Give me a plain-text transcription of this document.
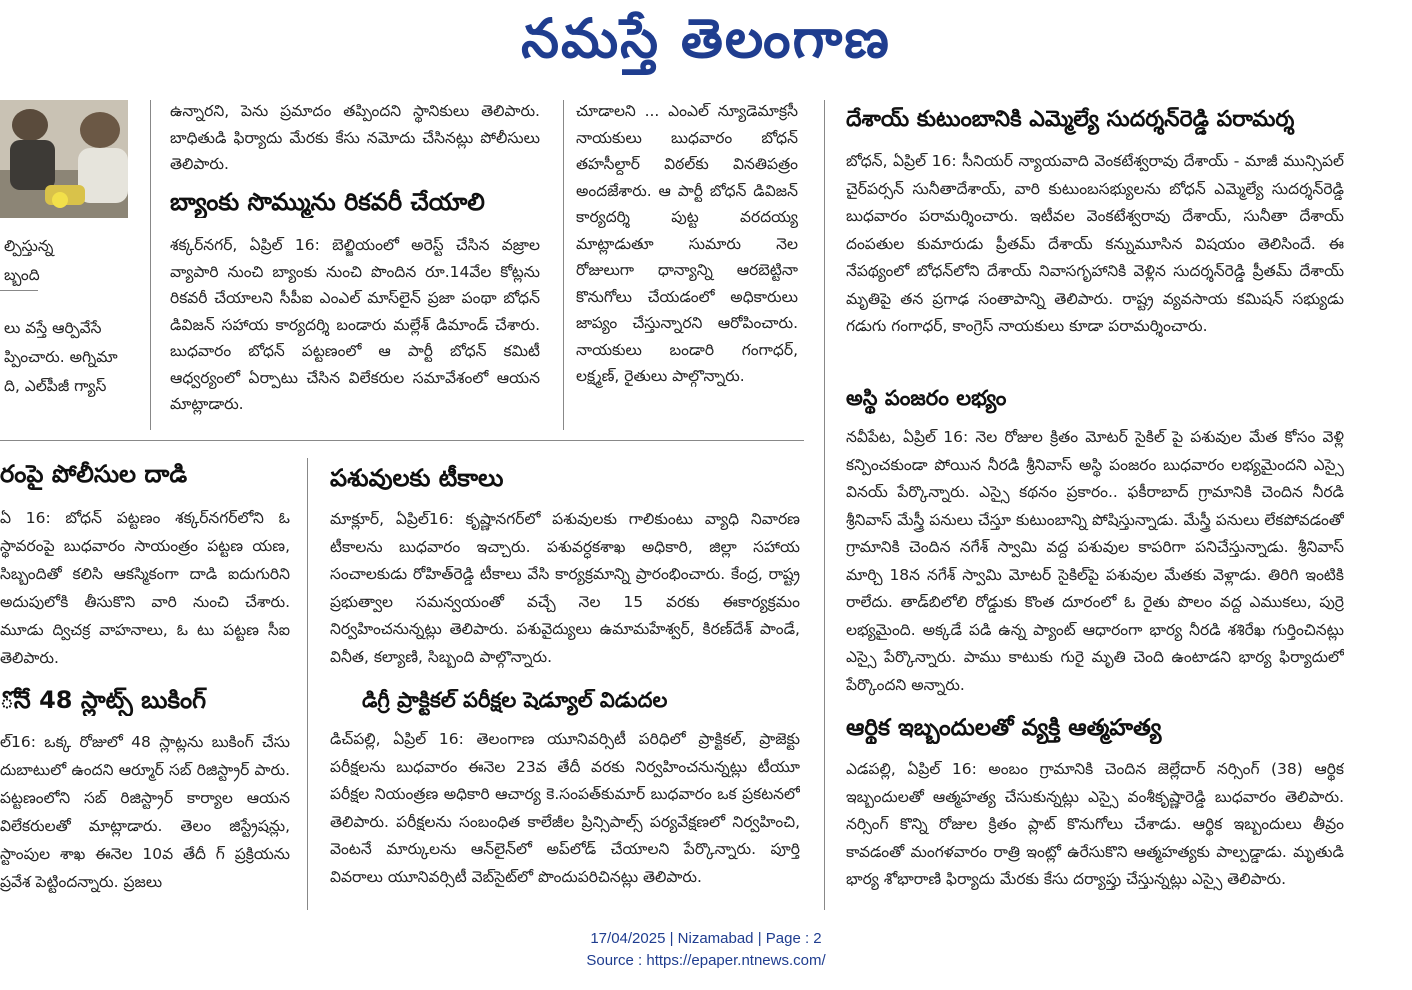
నమస్తే తెలంగాణ
ల్పిస్తున్న
బ్బంది
లు వస్తే ఆర్పివేసే
ప్పించారు. అగ్నిమా
ది, ఎల్‌పీజీ గ్యాస్
ఉన్నారని, పెను ప్రమాదం తప్పిందని స్థానికులు తెలిపారు. బాధితుడి ఫిర్యాదు మేరకు కేసు నమోదు చేసినట్లు పోలీసులు తెలిపారు.
బ్యాంకు సొమ్మును రికవరీ చేయాలి
శక్కర్‌నగర్, ఏప్రిల్‌ 16: బెల్జియంలో అరెస్ట్‌ చేసిన వజ్రాల వ్యాపారి నుంచి బ్యాంకు నుంచి పొందిన రూ.14వేల కోట్లను రికవరీ చేయాలని సీపీఐ ఎంఎల్‌ మాస్‌లైన్‌ ప్రజా పంథా బోధన్‌ డివిజన్‌ సహాయ కార్యదర్శి బండారు మల్లేశ్‌ డిమాండ్‌ చేశారు. బుధవారం బోధన్‌ పట్టణంలో ఆ పార్టీ బోధన్‌ కమిటీ ఆధ్వర్యంలో ఏర్పాటు చేసిన విలేకరుల సమావేశంలో ఆయన మాట్లాడారు.
చూడాలని ... ఎంఎల్‌ న్యూడెమాక్రసీ నాయకులు బుధవారం బోధన్‌ తహసీల్దార్‌ విఠల్‌కు వినతిపత్రం అందజేశారు. ఆ పార్టీ బోధన్‌ డివిజన్‌ కార్యదర్శి పుట్ట వరదయ్య మాట్లాడుతూ సుమారు నెల రోజులుగా ధాన్యాన్ని ఆరబెట్టినా కొనుగోలు చేయడంలో అధికారులు జాప్యం చేస్తున్నారని ఆరోపించారు. నాయకులు బండారి గంగాధర్, లక్ష్మణ్, రైతులు పాల్గొన్నారు.
దేశాయ్‌ కుటుంబానికి ఎమ్మెల్యే సుదర్శన్‌రెడ్డి పరామర్శ
బోధన్, ఏప్రిల్‌ 16: సీనియర్‌ న్యాయవాది వెంకటేశ్వరావు దేశాయ్‌ - మాజీ మున్సిపల్‌ చైర్‌పర్సన్‌ సునీతాదేశాయ్, వారి కుటుంబసభ్యులను బోధన్‌ ఎమ్మెల్యే సుదర్శన్‌రెడ్డి బుధవారం పరామర్శించారు. ఇటీవల వెంకటేశ్వరావు దేశాయ్, సునీతా దేశాయ్‌ దంపతుల కుమారుడు ప్రీతమ్‌ దేశాయ్‌ కన్నుమూసిన విషయం తెలిసిందే. ఈ నేపథ్యంలో బోధన్‌లోని దేశాయ్‌ నివాసగృహానికి వెళ్లిన సుదర్శన్‌రెడ్డి ప్రీతమ్‌ దేశాయ్‌ మృతిపై తన ప్రగాఢ సంతాపాన్ని తెలిపారు. రాష్ట్ర వ్యవసాయ కమిషన్‌ సభ్యుడు గడుగు గంగాధర్, కాంగ్రెస్‌ నాయకులు కూడా పరామర్శించారు.
అస్థి పంజరం లభ్యం
నవీపేట, ఏప్రిల్‌ 16: నెల రోజుల క్రితం మోటర్‌ సైకిల్‌ పై పశువుల మేత కోసం వెళ్లి కన్పించకుండా పోయిన నీరడి శ్రీనివాస్‌ అస్థి పంజరం బుధవారం లభ్యమైందని ఎస్సై వినయ్‌ పేర్కొన్నారు. ఎస్సై కథనం ప్రకారం.. ఫకీరాబాద్‌ గ్రామానికి చెందిన నీరడి శ్రీనివాస్‌ మేస్త్రీ పనులు చేస్తూ కుటుంబాన్ని పోషిస్తున్నాడు. మేస్త్రీ పనులు లేకపోవడంతో గ్రామానికి చెందిన నగేశ్‌ స్వామి వద్ద పశువుల కాపరిగా పనిచేస్తున్నాడు. శ్రీనివాస్‌ మార్చి 18న నగేశ్‌ స్వామి మోటర్‌ సైకిల్‌పై పశువుల మేతకు వెళ్లాడు. తిరిగి ఇంటికి రాలేదు. తాడ్‌బిలోలి రోడ్డుకు కొంత దూరంలో ఓ రైతు పొలం వద్ద ఎముకలు, పుర్రె లభ్యమైంది. అక్కడే పడి ఉన్న ప్యాంట్‌ ఆధారంగా భార్య నీరడి శశిరేఖ గుర్తించినట్లు ఎస్సై పేర్కొన్నారు. పాము కాటుకు గురై మృతి చెంది ఉంటాడని భార్య ఫిర్యాదులో పేర్కొందని అన్నారు.
ఆర్థిక ఇబ్బందులతో వ్యక్తి ఆత్మహత్య
ఎడపల్లి, ఏప్రిల్‌ 16: అంబం గ్రామానికి చెందిన జెల్లేదార్‌ నర్సింగ్‌ (38) ఆర్థిక ఇబ్బందులతో ఆత్మహత్య చేసుకున్నట్లు ఎస్సై వంశీకృష్ణారెడ్డి బుధవారం తెలిపారు. నర్సింగ్‌ కొన్ని రోజుల క్రితం ప్లాట్‌ కొనుగోలు చేశాడు. ఆర్థిక ఇబ్బందులు తీవ్రం కావడంతో మంగళవారం రాత్రి ఇంట్లో ఉరేసుకొని ఆత్మహత్యకు పాల్పడ్డాడు. మృతుడి భార్య శోభారాణి ఫిర్యాదు మేరకు కేసు దర్యాప్తు చేస్తున్నట్లు ఎస్సై తెలిపారు.
రంపై పోలీసుల దాడి
ఏ 16: బోధన్‌ పట్టణం శక్కర్‌నగర్‌లోని ఓ స్థావరంపై బుధవారం సాయంత్రం పట్టణ యణ, సిబ్బందితో కలిసి ఆకస్మికంగా దాడి ఐదుగురిని అదుపులోకి తీసుకొని వారి నుంచి చేశారు. మూడు ద్విచక్ర వాహనాలు, ఓ టు పట్టణ సీఐ తెలిపారు.
ోనే 48 స్లాట్స్‌ బుకింగ్‌
ల్‌16: ఒక్క రోజులో 48 స్లాట్లను బుకింగ్‌ చేసు దుబాటులో ఉందని ఆర్మూర్‌ సబ్‌ రిజిస్ట్రార్‌ పారు. పట్టణంలోని సబ్‌ రిజిస్ట్రార్‌ కార్యాల ఆయన విలేకరులతో మాట్లాడారు. తెలం జిస్ట్రేషన్లు, స్టాంపుల శాఖ ఈనెల 10వ తేదీ గ్‌ ప్రక్రియను ప్రవేశ పెట్టిందన్నారు. ప్రజలు
పశువులకు టీకాలు
మాక్లూర్, ఏప్రిల్‌16: కృష్ణానగర్‌లో పశువులకు గాలికుంటు వ్యాధి నివారణ టీకాలను బుధవారం ఇచ్చారు. పశువర్ధకశాఖ అధికారి, జిల్లా సహాయ సంచాలకుడు రోహిత్‌రెడ్డి టీకాలు వేసి కార్యక్రమాన్ని ప్రారంభించారు. కేంద్ర, రాష్ట్ర ప్రభుత్వాల సమన్వయంతో వచ్చే నెల 15 వరకు ఈకార్యక్రమం నిర్వహించనున్నట్లు తెలిపారు. పశువైద్యులు ఉమామహేశ్వర్, కిరణ్‌దేశ్‌ పాండే, వినీత, కల్యాణి, సిబ్బంది పాల్గొన్నారు.
డిగ్రీ ప్రాక్టికల్‌ పరీక్షల షెడ్యూల్‌ విడుదల
డిచ్‌పల్లి, ఏప్రిల్‌ 16: తెలంగాణ యూనివర్సిటీ పరిధిలో ప్రాక్టికల్, ప్రాజెక్టు పరీక్షలను బుధవారం ఈనెల 23వ తేదీ వరకు నిర్వహించనున్నట్లు టీయూ పరీక్షల నియంత్రణ అధికారి ఆచార్య కె.సంపత్‌కుమార్‌ బుధవారం ఒక ప్రకటనలో తెలిపారు. పరీక్షలను సంబంధిత కాలేజీల ప్రిన్సిపాల్స్‌ పర్యవేక్షణలో నిర్వహించి, వెంటనే మార్కులను ఆన్‌లైన్‌లో అప్‌లోడ్‌ చేయాలని పేర్కొన్నారు. పూర్తి వివరాలు యూనివర్సిటీ వెబ్‌సైట్‌లో పొందుపరిచినట్లు తెలిపారు.
17/04/2025 | Nizamabad | Page : 2
Source : https://epaper.ntnews.com/
